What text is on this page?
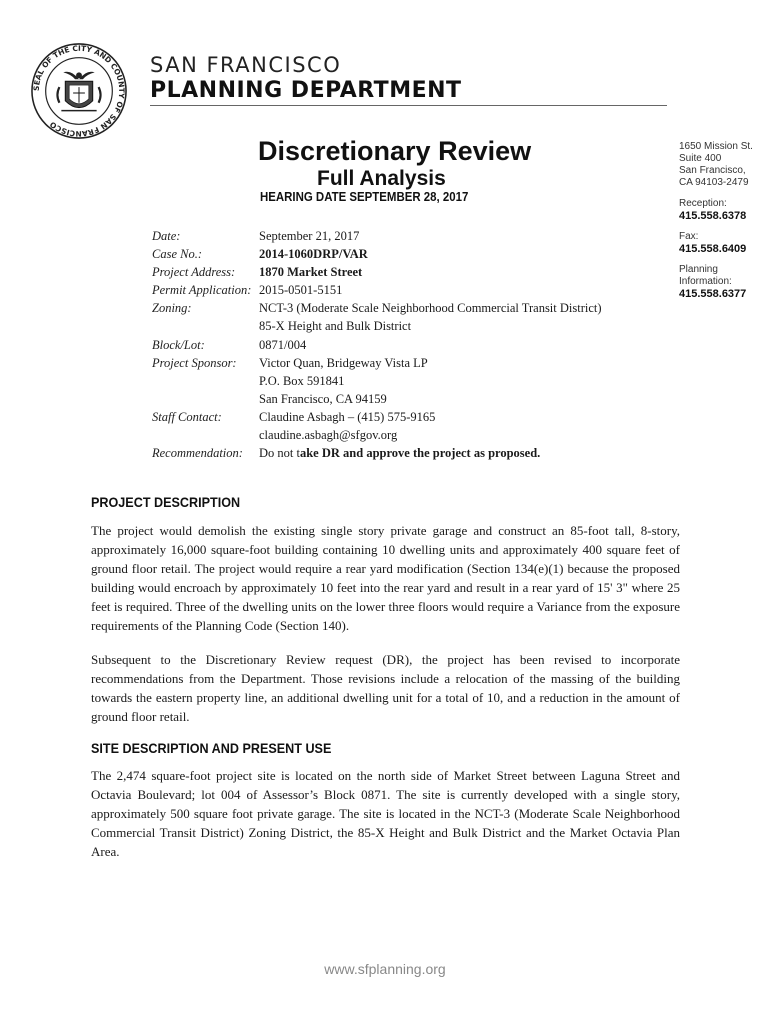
SEAL OF THE CITY AND COUNTY OF SAN FRANCISCO
SAN FRANCISCO
PLANNING DEPARTMENT
Discretionary Review
Full Analysis
HEARING DATE SEPTEMBER 28, 2017
1650 Mission St.
Suite 400
San Francisco,
CA 94103-2479
Reception:
415.558.6378
Fax:
415.558.6409
Planning
Information:
415.558.6377
Date:	September 21, 2017
Case No.:	2014-1060DRP/VAR
Project Address:	1870 Market Street
Permit Application: 2015-0501-5151
Zoning:	NCT-3 (Moderate Scale Neighborhood Commercial Transit District)
85-X Height and Bulk District
Block/Lot:	0871/004
Project Sponsor:	Victor Quan, Bridgeway Vista LP
P.O. Box 591841
San Francisco, CA 94159
Staff Contact:	Claudine Asbagh – (415) 575-9165
claudine.asbagh@sfgov.org
Recommendation:	Do not take DR and approve the project as proposed.
PROJECT DESCRIPTION

The project would demolish the existing single story private garage and construct an 85-foot tall, 8-story, approximately 16,000 square-foot building containing 10 dwelling units and approximately 400 square feet of ground floor retail. The project would require a rear yard modification (Section 134(e)(1) because the proposed building would encroach by approximately 10 feet into the rear yard and result in a rear yard of 15' 3" where 25 feet is required. Three of the dwelling units on the lower three floors would require a Variance from the exposure requirements of the Planning Code (Section 140).

Subsequent to the Discretionary Review request (DR), the project has been revised to incorporate recommendations from the Department. Those revisions include a relocation of the massing of the building towards the eastern property line, an additional dwelling unit for a total of 10, and a reduction in the amount of ground floor retail.

SITE DESCRIPTION AND PRESENT USE

The 2,474 square-foot project site is located on the north side of Market Street between Laguna Street and Octavia Boulevard; lot 004 of Assessor’s Block 0871. The site is currently developed with a single story, approximately 500 square foot private garage. The site is located in the NCT-3 (Moderate Scale Neighborhood Commercial Transit District) Zoning District, the 85-X Height and Bulk District and the Market Octavia Plan Area.

www.sfplanning.org
